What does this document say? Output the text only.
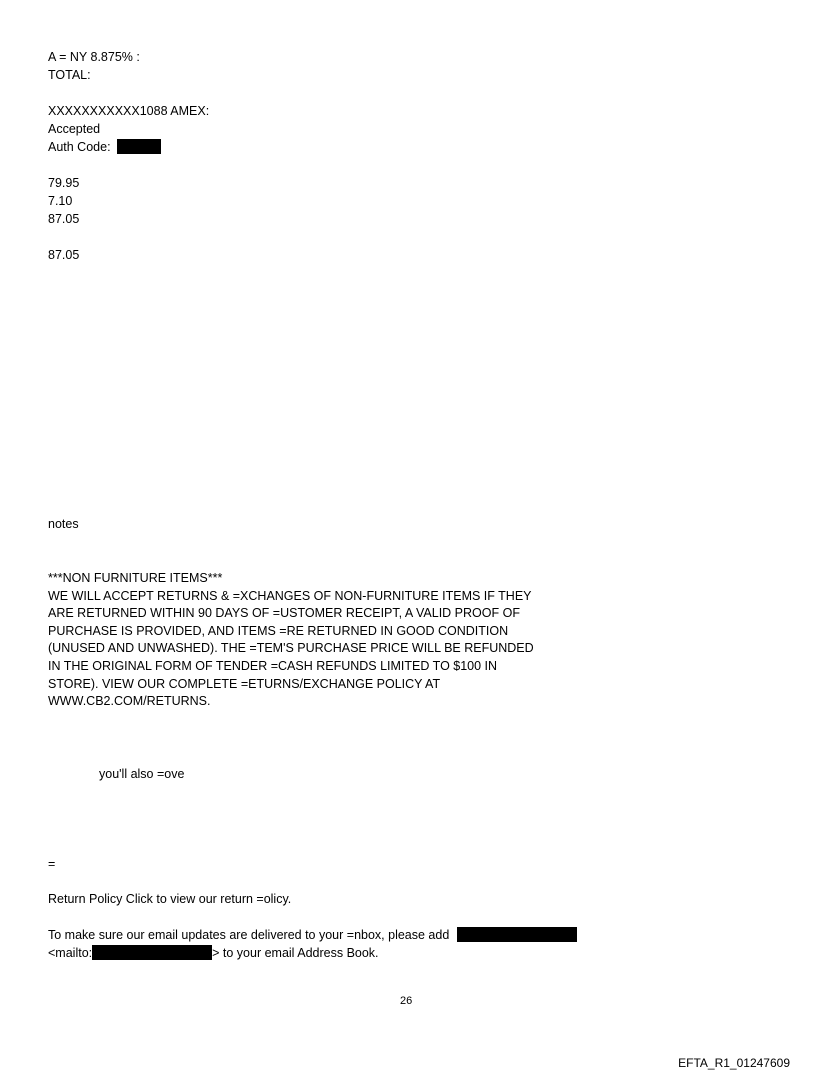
A = NY 8.875% :
TOTAL:
XXXXXXXXXXX1088 AMEX:
Accepted
Auth Code:
79.95
7.10
87.05
87.05
notes
***NON FURNITURE ITEMS***
WE WILL ACCEPT RETURNS & =XCHANGES OF NON-FURNITURE ITEMS IF THEY
ARE RETURNED WITHIN 90 DAYS OF =USTOMER RECEIPT, A VALID PROOF OF
PURCHASE IS PROVIDED, AND ITEMS =RE RETURNED IN GOOD CONDITION
(UNUSED AND UNWASHED). THE =TEM'S PURCHASE PRICE WILL BE REFUNDED
IN THE ORIGINAL FORM OF TENDER =CASH REFUNDS LIMITED TO $100 IN
STORE). VIEW OUR COMPLETE =ETURNS/EXCHANGE POLICY AT
WWW.CB2.COM/RETURNS.
you'll also =ove
=
Return Policy Click to view our return =olicy.
To make sure our email updates are delivered to your =nbox, please add
<mailto:	> to your email Address Book.
26
EFTA_R1_01247609
